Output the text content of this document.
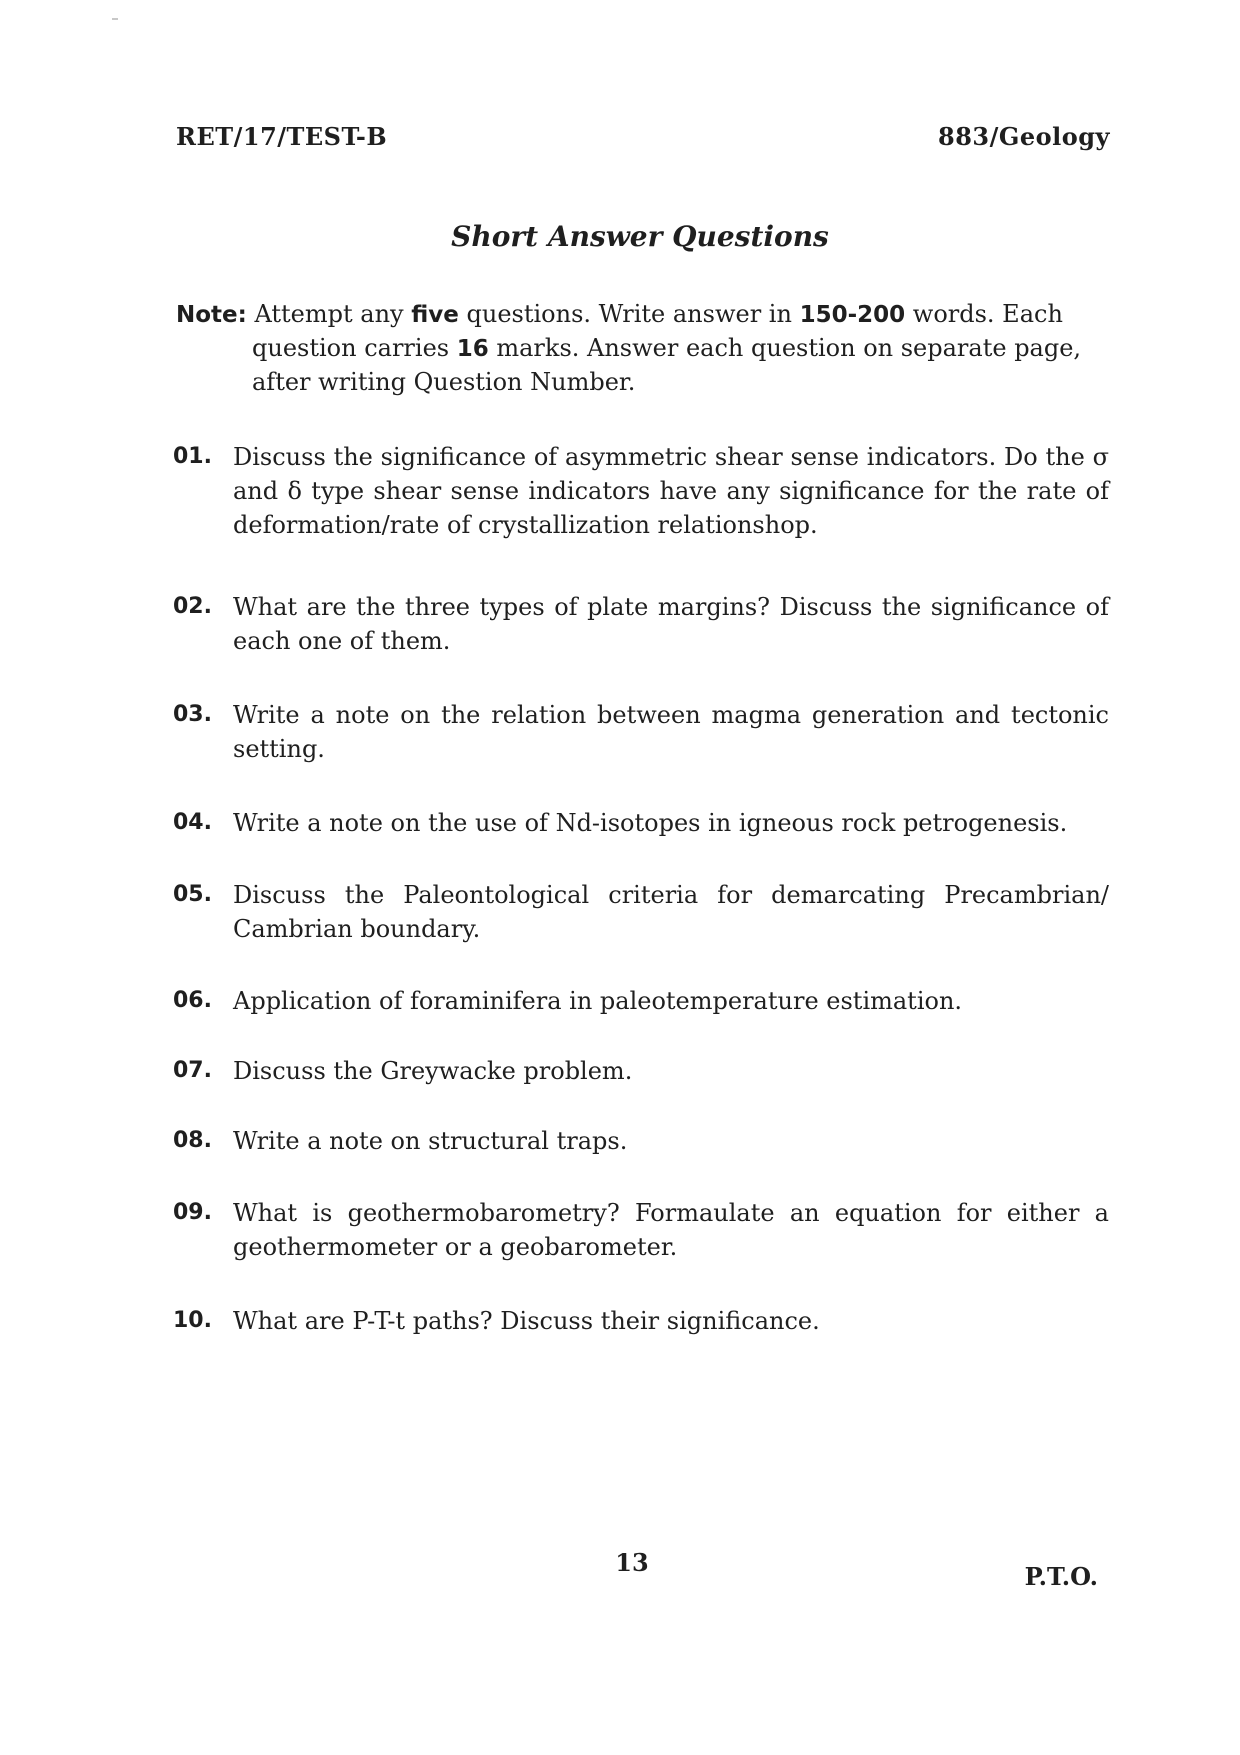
RET/17/TEST-B	883/Geology
Short Answer Questions
Note: Attempt any five questions. Write answer in 150-200 words. Each
question carries 16 marks. Answer each question on separate page, after writing Question Number.
01. Discuss the significance of asymmetric shear sense indicators. Do the σ and δ type shear sense indicators have any significance for the rate of deformation/rate of crystallization relationshop.
02. What are the three types of plate margins? Discuss the significance of each one of them.
03. Write a note on the relation between magma generation and tectonic setting.
04. Write a note on the use of Nd-isotopes in igneous rock petrogenesis.
05. Discuss the Paleontological criteria for demarcating Precambrian/ Cambrian boundary.
06. Application of foraminifera in paleotemperature estimation.
07. Discuss the Greywacke problem.
08. Write a note on structural traps.
09. What is geothermobarometry? Formaulate an equation for either a geothermometer or a geobarometer.
10. What are P-T-t paths? Discuss their significance.
13	P.T.O.
